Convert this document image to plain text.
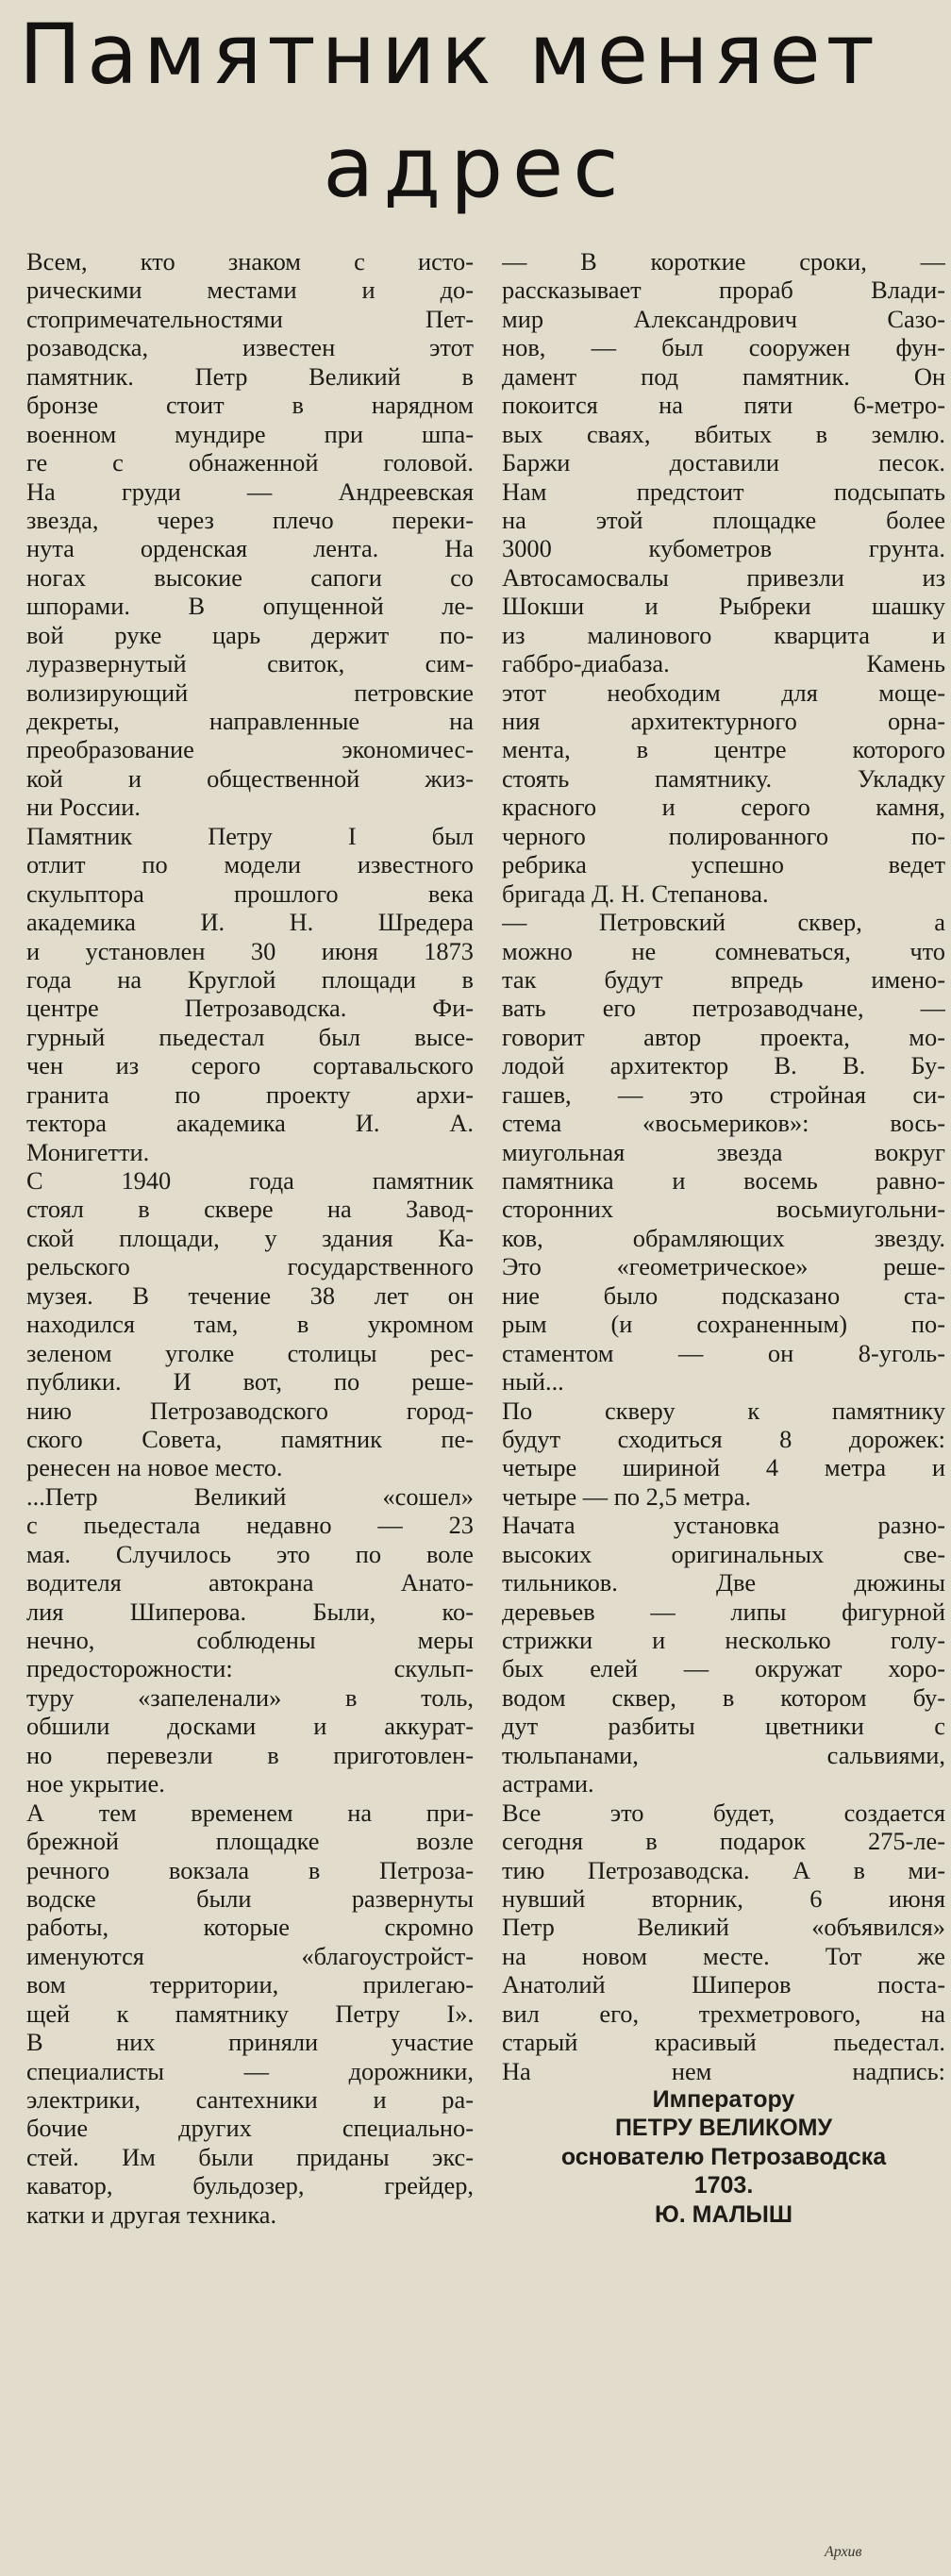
Памятник меняет
адрес
Всем, кто знаком с исто-
рическими местами и до-
стопримечательностями Пет-
розаводска, известен этот
памятник. Петр Великий в
бронзе стоит в нарядном
военном мундире при шпа-
ге с обнаженной головой.
На груди — Андреевская
звезда, через плечо переки-
нута орденская лента. На
ногах высокие сапоги со
шпорами. В опущенной ле-
вой руке царь держит по-
луразвернутый свиток, сим-
волизирующий петровские
декреты, направленные на
преобразование экономичес-
кой и общественной жиз-
ни России.
Памятник Петру I был
отлит по модели известного
скульптора прошлого века
академика И. Н. Шредера
и установлен 30 июня 1873
года на Круглой площади в
центре Петрозаводска. Фи-
гурный пьедестал был высе-
чен из серого сортавальского
гранита по проекту архи-
тектора академика И. А.
Монигетти.
С 1940 года памятник
стоял в сквере на Завод-
ской площади, у здания Ка-
рельского государственного
музея. В течение 38 лет он
находился там, в укромном
зеленом уголке столицы рес-
публики. И вот, по реше-
нию Петрозаводского город-
ского Совета, памятник пе-
ренесен на новое место.
...Петр Великий «сошел»
с пьедестала недавно — 23
мая. Случилось это по воле
водителя автокрана Анато-
лия Шиперова. Были, ко-
нечно, соблюдены меры
предосторожности: скульп-
туру «запеленали» в толь,
обшили досками и аккурат-
но перевезли в приготовлен-
ное укрытие.
А тем временем на при-
брежной площадке возле
речного вокзала в Петроза-
водске были развернуты
работы, которые скромно
именуются «благоустройст-
вом территории, прилегаю-
щей к памятнику Петру I».
В них приняли участие
специалисты — дорожники,
электрики, сантехники и ра-
бочие других специально-
стей. Им были приданы экс-
каватор, бульдозер, грейдер,
катки и другая техника.
— В короткие сроки, —
рассказывает прораб Влади-
мир Александрович Сазо-
нов, — был сооружен фун-
дамент под памятник. Он
покоится на пяти 6-метро-
вых сваях, вбитых в землю.
Баржи доставили песок.
Нам предстоит подсыпать
на этой площадке более
3000 кубометров грунта.
Автосамосвалы привезли из
Шокши и Рыбреки шашку
из малинового кварцита и
габбро-диабаза. Камень
этот необходим для моще-
ния архитектурного орна-
мента, в центре которого
стоять памятнику. Укладку
красного и серого камня,
черного полированного по-
ребрика успешно ведет
бригада Д. Н. Степанова.
— Петровский сквер, а
можно не сомневаться, что
так будут впредь имено-
вать его петрозаводчане, —
говорит автор проекта, мо-
лодой архитектор В. В. Бу-
гашев, — это стройная си-
стема «восьмериков»: вось-
миугольная звезда вокруг
памятника и восемь равно-
сторонних восьмиугольни-
ков, обрамляющих звезду.
Это «геометрическое» реше-
ние было подсказано ста-
рым (и сохраненным) по-
стаментом — он 8-уголь-
ный...
По скверу к памятнику
будут сходиться 8 дорожек:
четыре шириной 4 метра и
четыре — по 2,5 метра.
Начата установка разно-
высоких оригинальных све-
тильников. Две дюжины
деревьев — липы фигурной
стрижки и несколько голу-
бых елей — окружат хоро-
водом сквер, в котором бу-
дут разбиты цветники с
тюльпанами, сальвиями,
астрами.
Все это будет, создается
сегодня в подарок 275-ле-
тию Петрозаводска. А в ми-
нувший вторник, 6 июня
Петр Великий «объявился»
на новом месте. Тот же
Анатолий Шиперов поста-
вил его, трехметрового, на
старый красивый пьедестал.
На нем надпись:
Императору
ПЕТРУ ВЕЛИКОМУ
основателю Петрозаводска
1703.
Ю. МАЛЫШ
Архив
